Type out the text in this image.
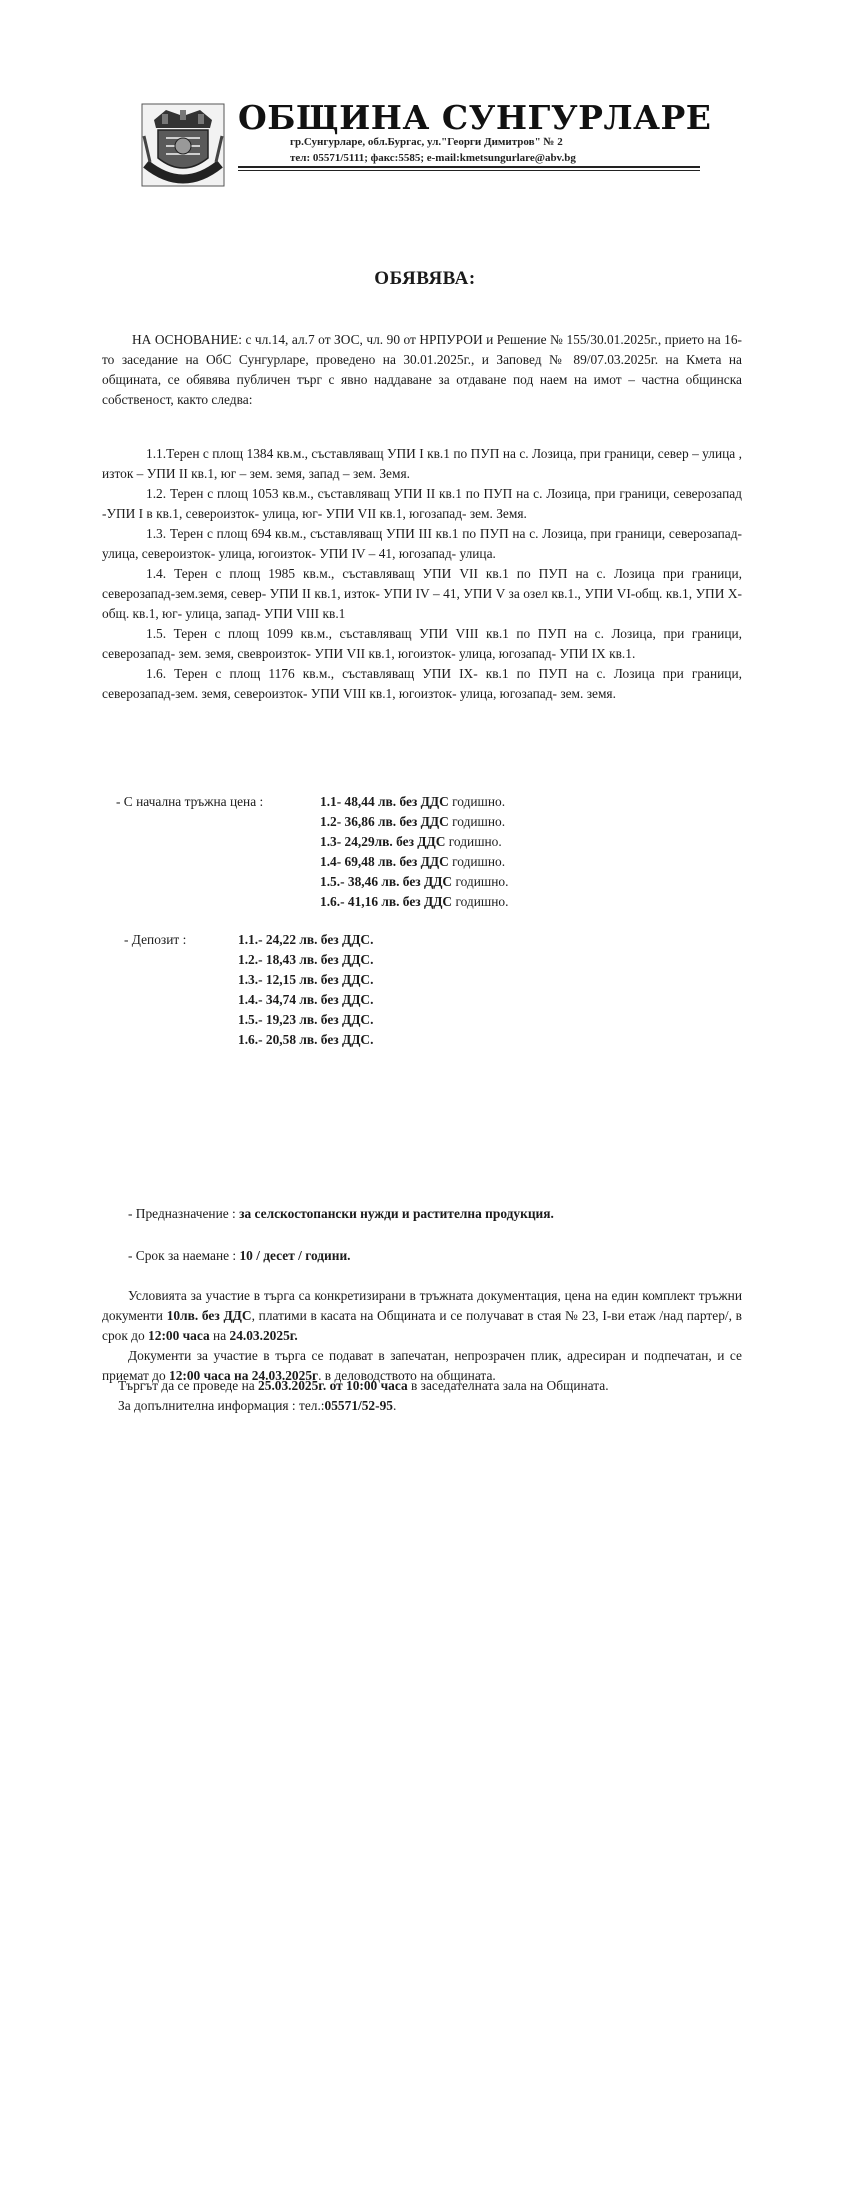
ОБЩИНА СУНГУРЛАРЕ
гр.Сунгурларе, обл.Бургас, ул."Георги Димитров" № 2
тел: 05571/5111; факс:5585; e-mail:kmetsungurlare@abv.bg
ОБЯВЯВА:

НА ОСНОВАНИЕ: с чл.14, ал.7 от ЗОС, чл. 90 от НРПУРОИ и Решение № 155/30.01.2025г., прието на 16-то заседание на ОбС Сунгурларе, проведено на 30.01.2025г., и Заповед № 89/07.03.2025г. на Кмета на общината, се обявява публичен търг с явно наддаване за отдаване под наем на имот – частна общинска собственост, както следва:

1.1.Терен с площ 1384 кв.м., съставляващ УПИ I кв.1 по ПУП на с. Лозица, при граници, север – улица , изток – УПИ II кв.1, юг – зем. земя, запад – зем. Земя.

1.2. Терен с площ 1053 кв.м., съставляващ УПИ II кв.1 по ПУП на с. Лозица, при граници, северозапад -УПИ I в кв.1, североизток- улица, юг- УПИ VII кв.1, югозапад- зем. Земя.

1.3. Терен с площ 694 кв.м., съставляващ УПИ III кв.1 по ПУП на с. Лозица, при граници, северозапад- улица, североизток- улица, югоизток- УПИ IV – 41, югозапад- улица.

1.4. Терен с площ 1985 кв.м., съставляващ УПИ VII кв.1 по ПУП на с. Лозица при граници, северозапад-зем.земя, север- УПИ II кв.1, изток- УПИ IV – 41, УПИ V за озел кв.1., УПИ VI-общ. кв.1, УПИ Х-общ. кв.1, юг- улица, запад- УПИ VIII кв.1

1.5. Терен с площ 1099 кв.м., съставляващ УПИ VIII кв.1 по ПУП на с. Лозица, при граници, северозапад- зем. земя, свевроизток- УПИ VII кв.1, югоизток- улица, югозапад- УПИ IX кв.1.

1.6. Терен с площ 1176 кв.м., съставляващ УПИ IX- кв.1 по ПУП на с. Лозица при граници, северозапад-зем. земя, североизток- УПИ VIII кв.1, югоизток- улица, югозапад- зем. земя.

- С начална тръжна цена :	1.1- 48,44 лв. без ДДС годишно.
1.2- 36,86 лв. без ДДС годишно.
1.3- 24,29лв. без ДДС годишно.
1.4- 69,48 лв. без ДДС годишно.
1.5.- 38,46 лв. без ДДС годишно.
1.6.- 41,16 лв. без ДДС годишно.
- Депозит :	1.1.- 24,22 лв. без ДДС.
1.2.- 18,43 лв. без ДДС.
1.3.- 12,15 лв. без ДДС.
1.4.- 34,74 лв. без ДДС.
1.5.- 19,23 лв. без ДДС.
1.6.- 20,58 лв. без ДДС.
- Предназначение : за селскостопански нужди и растителна продукция.
- Срок за наемане : 10 / десет / години.

Условията за участие в търга са конкретизирани в тръжната документация, цена на един комплект тръжни документи 10лв. без ДДС, платими в касата на Общината и се получават в стая № 23, I-ви етаж /над партер/, в срок до 12:00 часа на 24.03.2025г.

Документи за участие в търга се подават в запечатан, непрозрачен плик, адресиран и подпечатан, и се приемат до 12:00 часа на 24.03.2025г. в деловодството на общината.

Търгът да се проведе на 25.03.2025г. от 10:00 часа в заседателната зала на Общината.

За допълнителна информация : тел.:05571/52-95.
